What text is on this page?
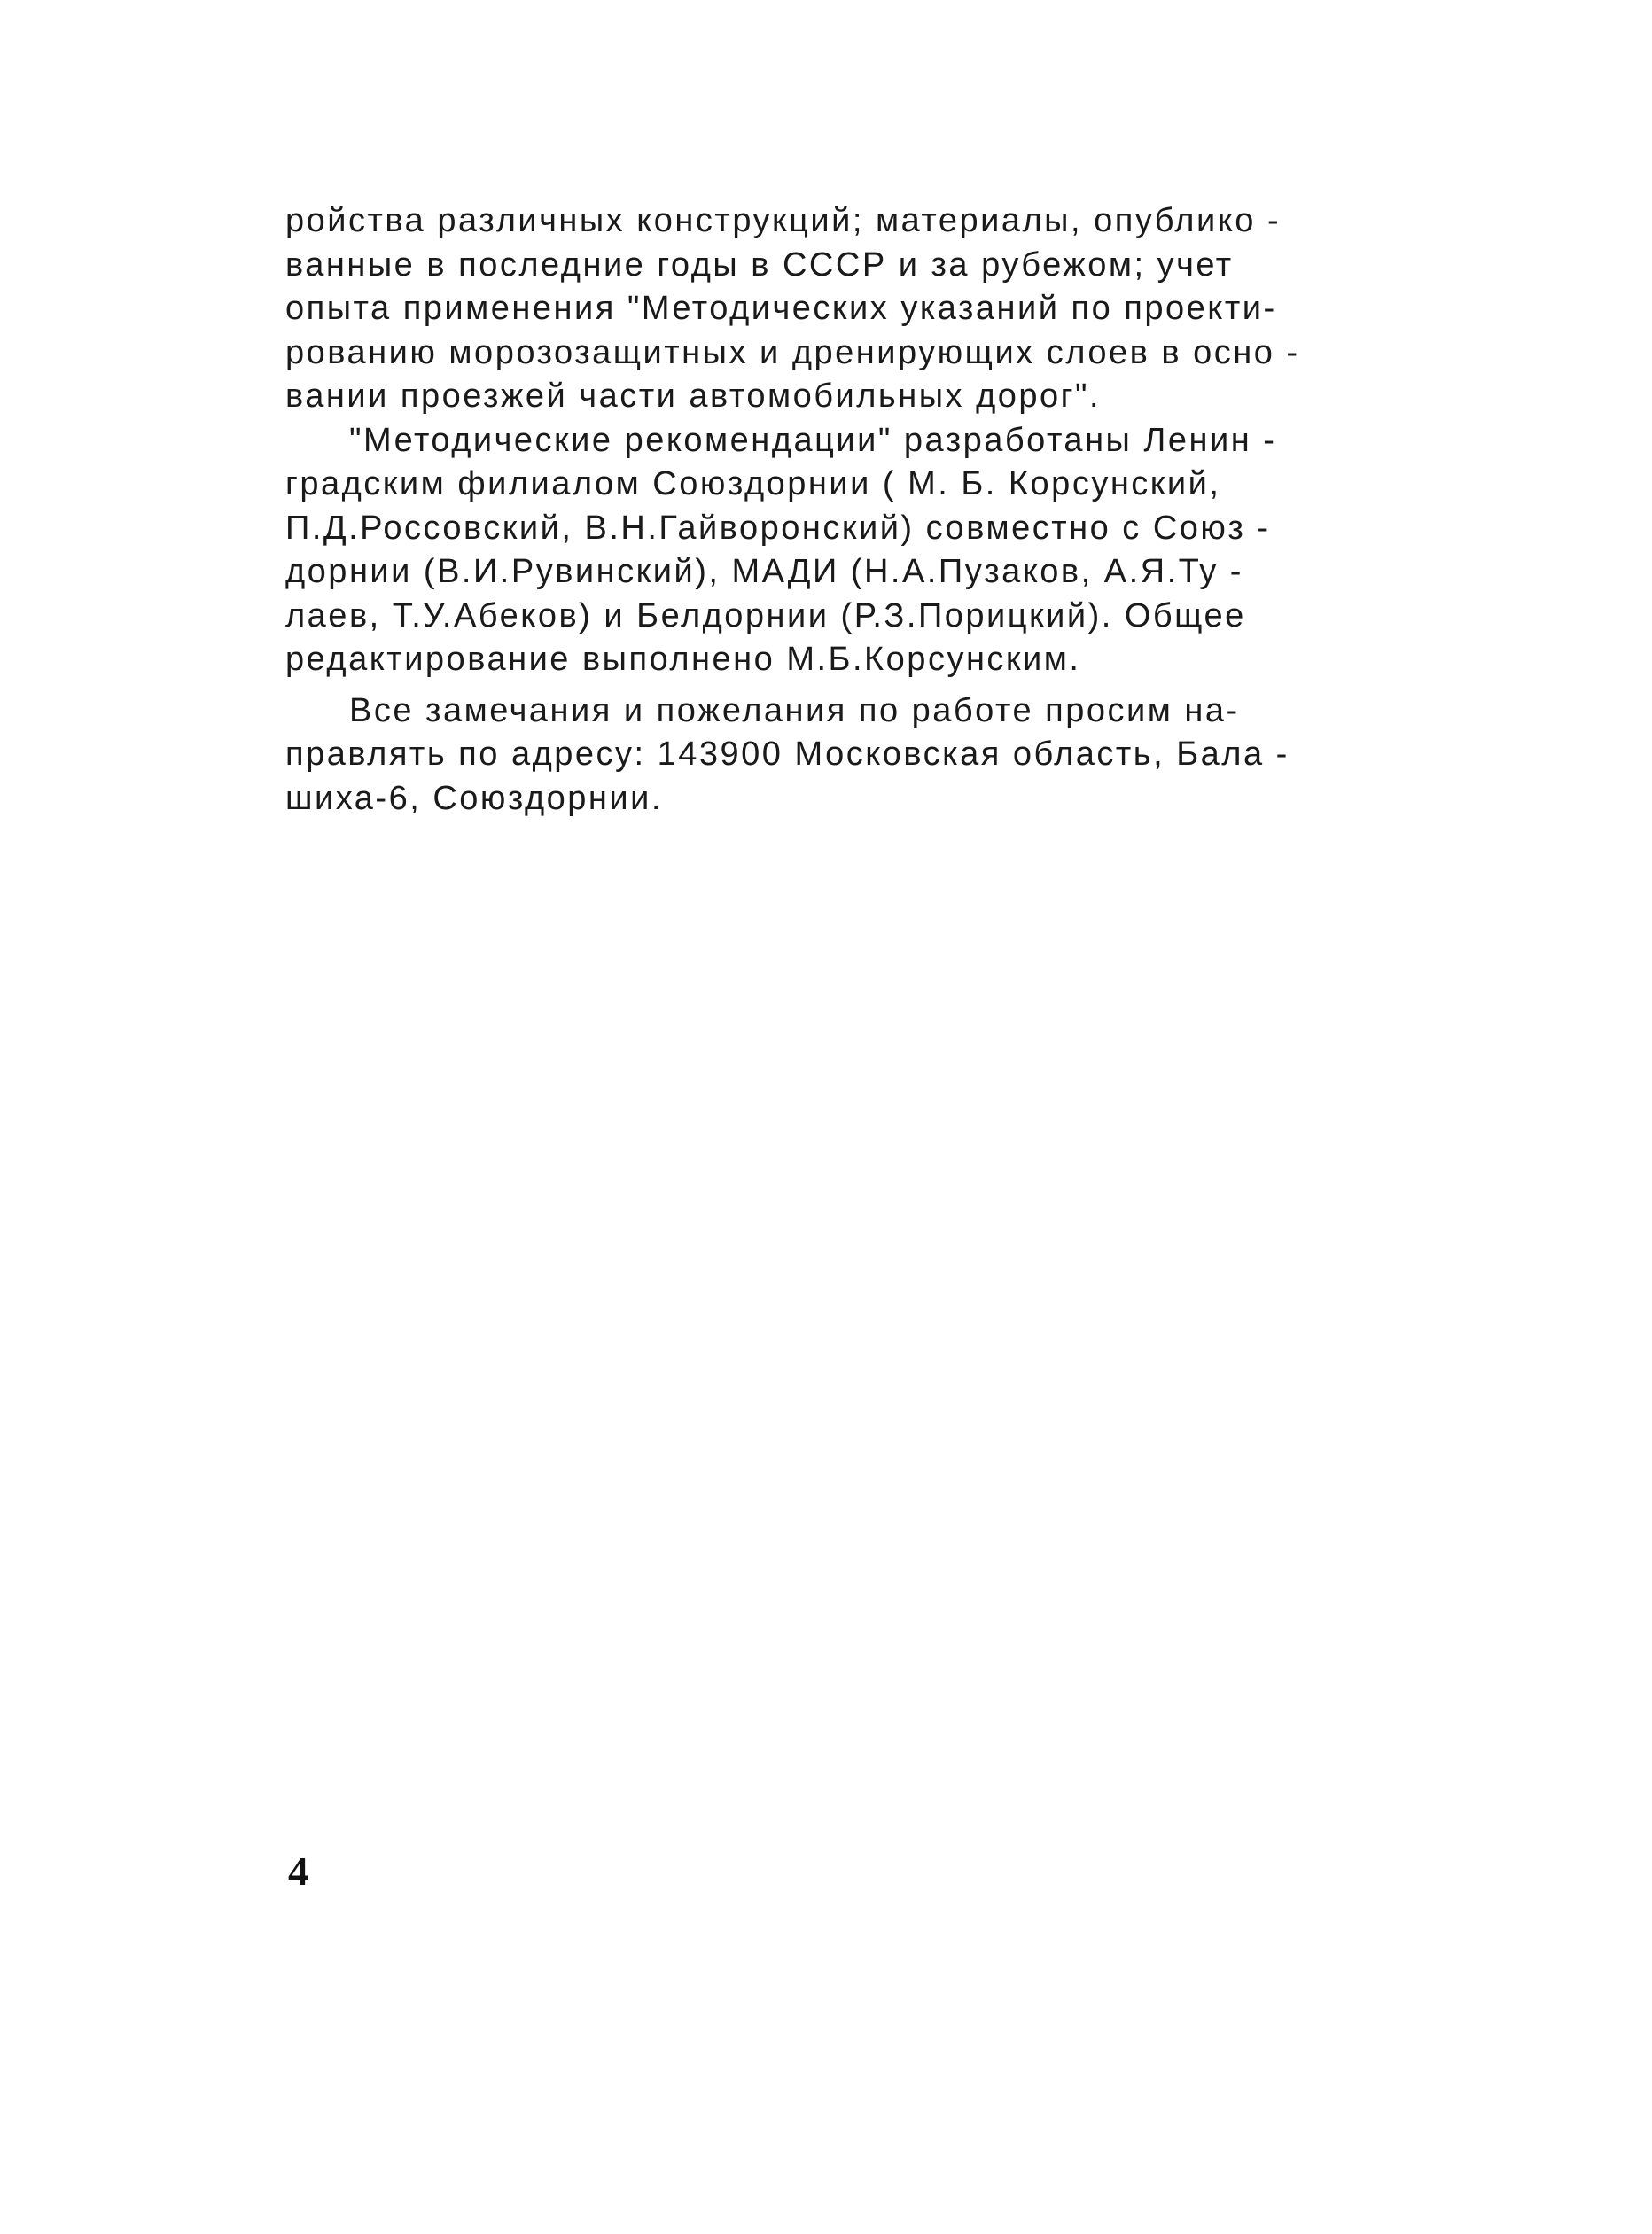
ройства различных конструкций; материалы, опублико -
ванные в последние годы в СССР и за рубежом; учет
опыта применения "Методических указаний по проекти-
рованию морозозащитных и дренирующих слоев в осно -
вании проезжей части автомобильных дорог".
"Методические рекомендации" разработаны Ленин -
градским филиалом Союздорнии ( М. Б. Корсунский,
П.Д.Россовский, В.Н.Гайворонский) совместно с Союз -
дорнии (В.И.Рувинский), МАДИ (Н.А.Пузаков, А.Я.Ту -
лаев, Т.У.Абеков) и Белдорнии (Р.З.Порицкий). Общее
редактирование выполнено М.Б.Корсунским.
Все замечания и пожелания по работе просим на-
правлять по адресу: 143900 Московская область, Бала -
шиха-6, Союздорнии.
4
